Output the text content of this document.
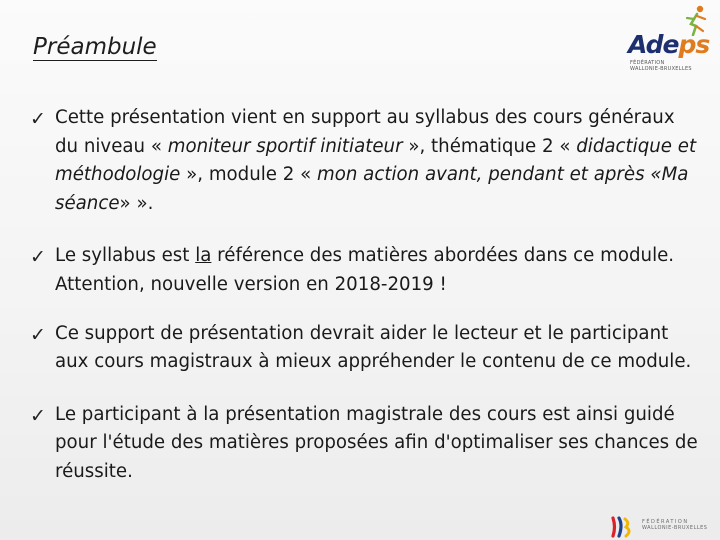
Préambule	Adeps
FÉDÉRATION
WALLONIE-BRUXELLES
✓ Cette présentation vient en support au syllabus des cours généraux du niveau « moniteur sportif initiateur », thématique 2 « didactique et méthodologie », module 2 « mon action avant, pendant et après «Ma séance» ».
✓ Le syllabus est la référence des matières abordées dans ce module. Attention, nouvelle version en 2018-2019 !
✓ Ce support de présentation devrait aider le lecteur et le participant aux cours magistraux à mieux appréhender le contenu de ce module.
✓ Le participant à la présentation magistrale des cours est ainsi guidé pour l'étude des matières proposées afin d'optimaliser ses chances de réussite.
FÉDÉRATION
WALLONIE-BRUXELLES
